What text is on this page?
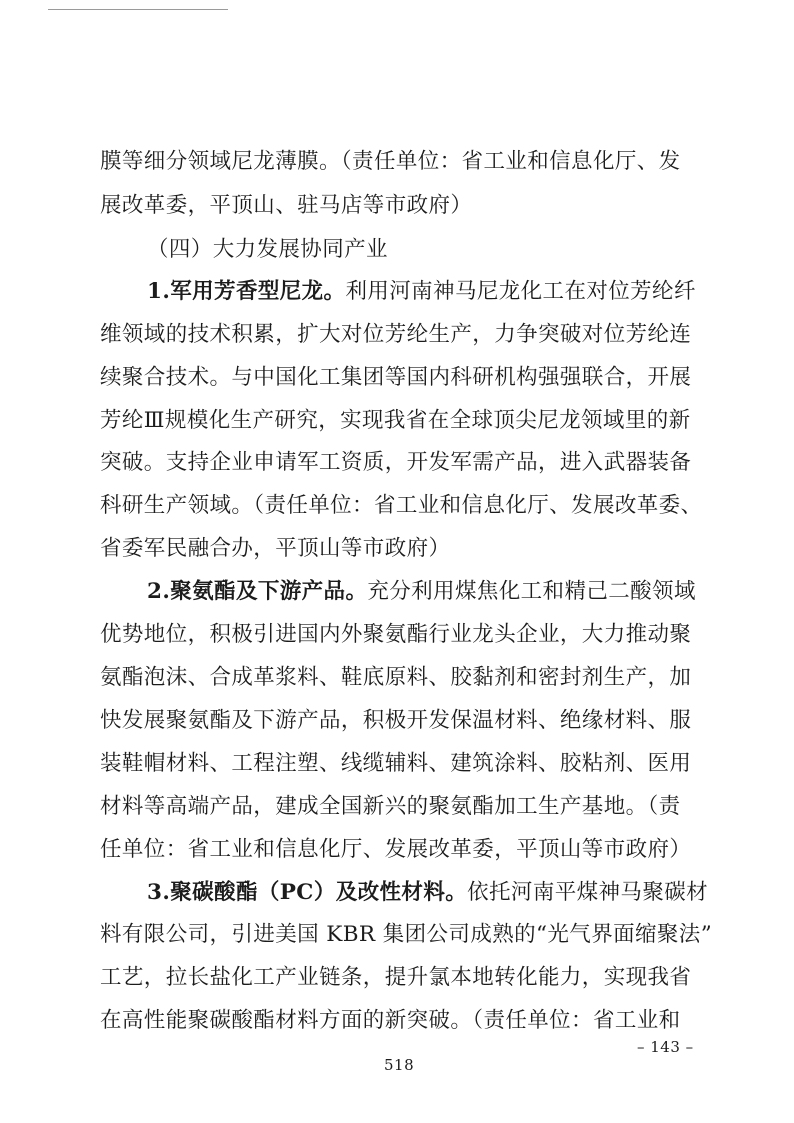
膜等细分领域尼龙薄膜。（责任单位：省工业和信息化厅、发
展改革委，平顶山、驻马店等市政府）
（四）大力发展协同产业
1.军用芳香型尼龙。利用河南神马尼龙化工在对位芳纶纤
维领域的技术积累，扩大对位芳纶生产，力争突破对位芳纶连
续聚合技术。与中国化工集团等国内科研机构强强联合，开展
芳纶Ⅲ规模化生产研究，实现我省在全球顶尖尼龙领域里的新
突破。支持企业申请军工资质，开发军需产品，进入武器装备
科研生产领域。（责任单位：省工业和信息化厅、发展改革委、
省委军民融合办，平顶山等市政府）
2.聚氨酯及下游产品。充分利用煤焦化工和精己二酸领域
优势地位，积极引进国内外聚氨酯行业龙头企业，大力推动聚
氨酯泡沫、合成革浆料、鞋底原料、胶黏剂和密封剂生产，加
快发展聚氨酯及下游产品，积极开发保温材料、绝缘材料、服
装鞋帽材料、工程注塑、线缆辅料、建筑涂料、胶粘剂、医用
材料等高端产品，建成全国新兴的聚氨酯加工生产基地。（责
任单位：省工业和信息化厅、发展改革委，平顶山等市政府）
3.聚碳酸酯（PC）及改性材料。依托河南平煤神马聚碳材
料有限公司，引进美国 KBR 集团公司成熟的“光气界面缩聚法”
工艺，拉长盐化工产业链条，提升氯本地转化能力，实现我省
在高性能聚碳酸酯材料方面的新突破。（责任单位：省工业和
– 143 –
518
